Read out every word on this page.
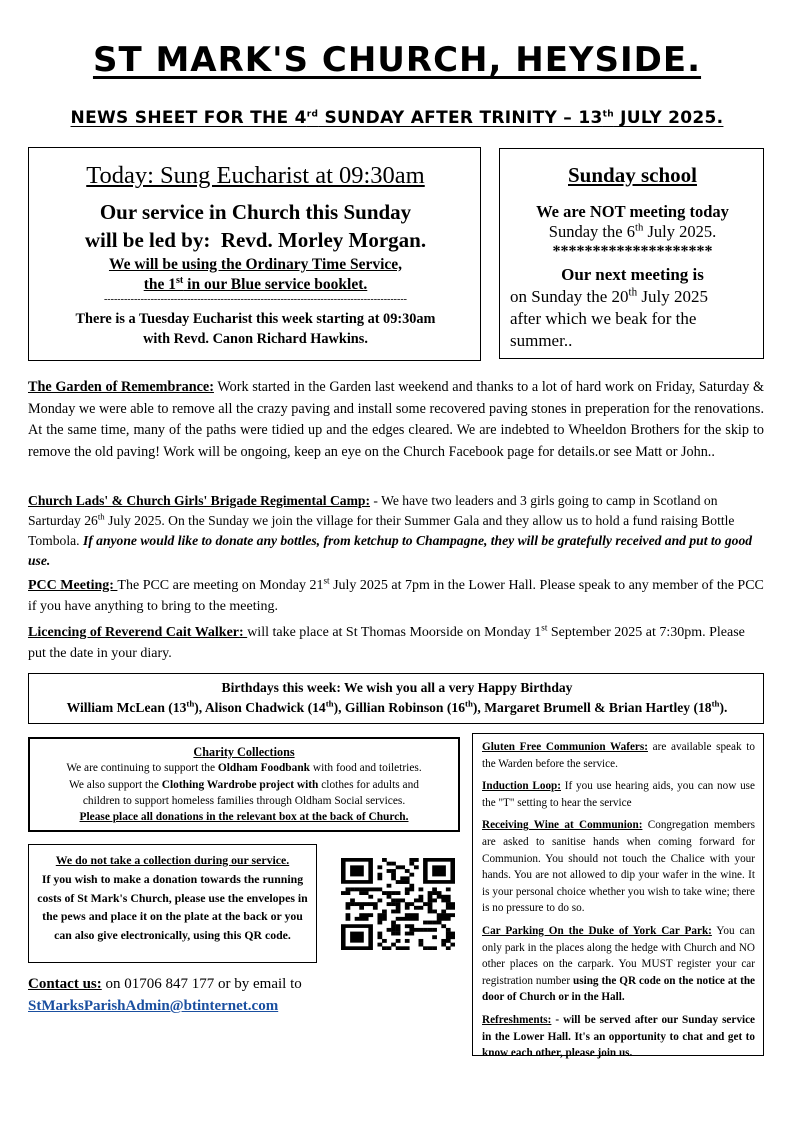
ST MARK'S CHURCH, HEYSIDE.
NEWS SHEET FOR THE 4rd SUNDAY AFTER TRINITY – 13th JULY 2025.
Today: Sung Eucharist at 09:30am
Our service in Church this Sunday
will be led by:  Revd. Morley Morgan.
We will be using the Ordinary Time Service,
the 1st in our Blue service booklet.
-------------------------------------------------------------------------------------------
There is a Tuesday Eucharist this week starting at 09:30am
with Revd. Canon Richard Hawkins.
Sunday school
We are NOT meeting today
Sunday the 6th July 2025.
********************
Our next meeting is
on Sunday the 20th July 2025
after which we beak for the
summer..
The Garden of Remembrance: Work started in the Garden last weekend and thanks to a lot of hard work on Friday, Saturday & Monday we were able to remove all the crazy paving and install some recovered paving stones in preperation for the renovations. At the same time, many of the paths were tidied up and the edges cleared. We are indebted to Wheeldon Brothers for the skip to remove the old paving! Work will be ongoing, keep an eye on the Church Facebook page for details.or see Matt or John..
Church Lads' & Church Girls' Brigade Regimental Camp: - We have two leaders and 3 girls going to camp in Scotland on Sarturday 26th July 2025. On the Sunday we join the village for their Summer Gala and they allow us to hold a fund raising Bottle Tombola. If anyone would like to donate any bottles, from ketchup to Champagne, they will be gratefully received and put to good use.
PCC Meeting: The PCC are meeting on Monday 21st July 2025 at 7pm in the Lower Hall. Please speak to any member of the PCC if you have anything to bring to the meeting.
Licencing of Reverend Cait Walker: will take place at St Thomas Moorside on Monday 1st September 2025 at 7:30pm. Please put the date in your diary.
Birthdays this week: We wish you all a very Happy Birthday
William McLean (13th), Alison Chadwick (14th), Gillian Robinson (16th), Margaret Brumell & Brian Hartley (18th).
Charity Collections
We are continuing to support the Oldham Foodbank with food and toiletries.
We also support the Clothing Wardrobe project with clothes for adults and
children to support homeless families through Oldham Social services.
Please place all donations in the relevant box at the back of Church.
We do not take a collection during our service.
If you wish to make a donation towards the running costs of St Mark's Church, please use the envelopes in the pews and place it on the plate at the back or you can also give electronically, using this QR code.
Contact us: on 01706 847 177 or by email to
StMarksParishAdmin@btinternet.com

Gluten Free Communion Wafers: are available speak to the Warden before the service.

Induction Loop: If you use hearing aids, you can now use the "T" setting to hear the service

Receiving Wine at Communion: Congregation members are asked to sanitise hands when coming forward for Communion. You should not touch the Chalice with your hands. You are not allowed to dip your wafer in the wine. It is your personal choice whether you wish to take wine; there is no pressure to do so.

Car Parking On the Duke of York Car Park: You can only park in the places along the hedge with Church and NO other places on the carpark. You MUST register your car registration number using the QR code on the notice at the door of Church or in the Hall.

Refreshments: - will be served after our Sunday service in the Lower Hall. It's an opportunity to chat and get to know each other, please join us.
